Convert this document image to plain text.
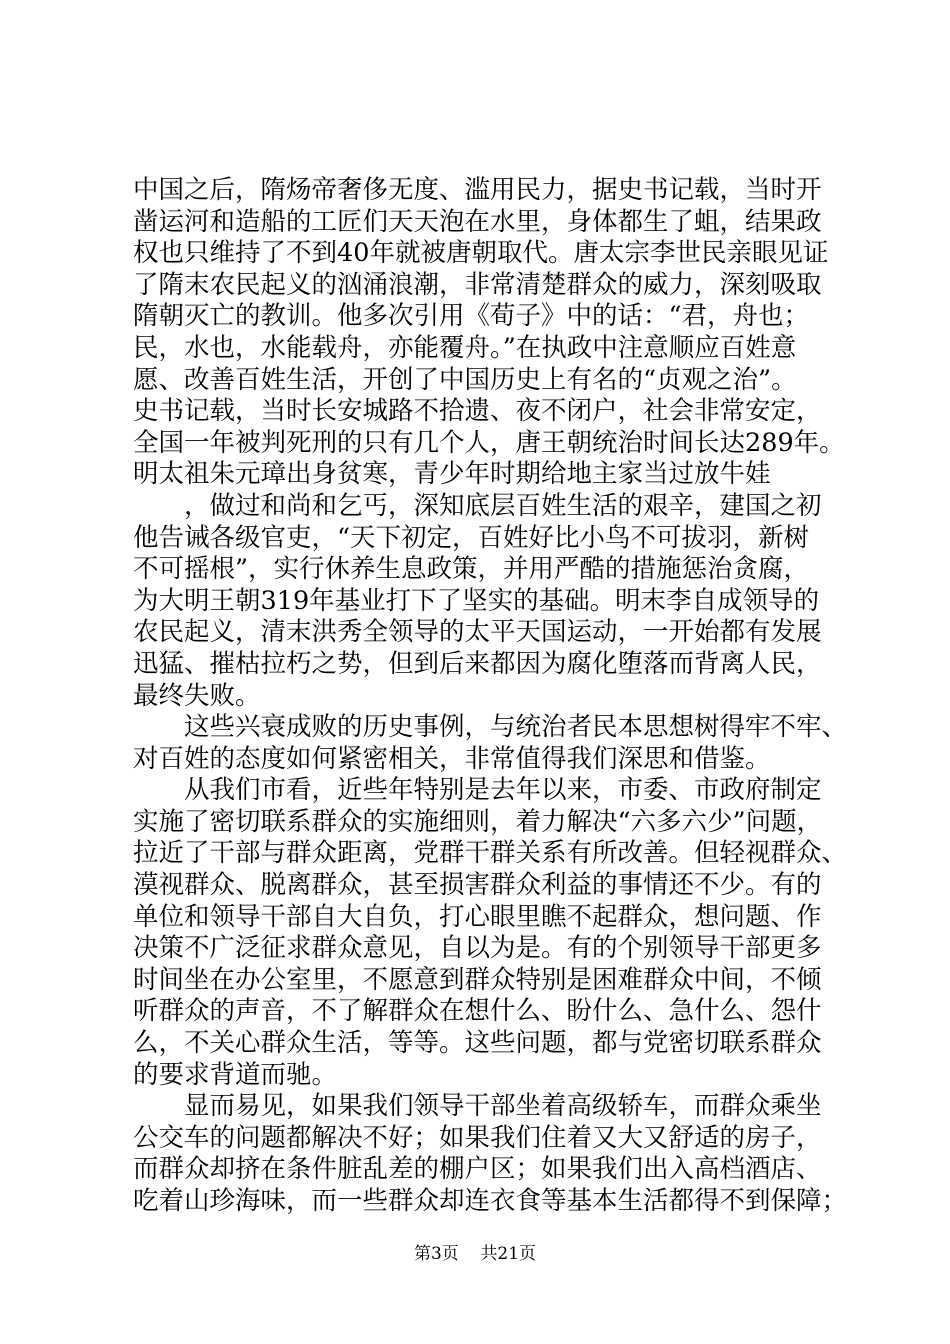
中国之后，隋炀帝奢侈无度、滥用民力，据史书记载，当时开
凿运河和造船的工匠们天天泡在水里，身体都生了蛆，结果政
权也只维持了不到40年就被唐朝取代。唐太宗李世民亲眼见证
了隋末农民起义的汹涌浪潮，非常清楚群众的威力，深刻吸取
隋朝灭亡的教训。他多次引用《荀子》中的话：“君，舟也；
民，水也，水能载舟，亦能覆舟。”在执政中注意顺应百姓意
愿、改善百姓生活，开创了中国历史上有名的“贞观之治”。
史书记载，当时长安城路不拾遗、夜不闭户，社会非常安定，
全国一年被判死刑的只有几个人，唐王朝统治时间长达289年。
明太祖朱元璋出身贫寒，青少年时期给地主家当过放牛娃

，做过和尚和乞丐，深知底层百姓生活的艰辛，建国之初
他告诫各级官吏，“天下初定，百姓好比小鸟不可拔羽，新树
不可摇根”，实行休养生息政策，并用严酷的措施惩治贪腐，
为大明王朝319年基业打下了坚实的基础。明末李自成领导的
农民起义，清末洪秀全领导的太平天国运动，一开始都有发展
迅猛、摧枯拉朽之势，但到后来都因为腐化堕落而背离人民，
最终失败。

这些兴衰成败的历史事例，与统治者民本思想树得牢不牢、
对百姓的态度如何紧密相关，非常值得我们深思和借鉴。

从我们市看，近些年特别是去年以来，市委、市政府制定
实施了密切联系群众的实施细则，着力解决“六多六少”问题，
拉近了干部与群众距离，党群干群关系有所改善。但轻视群众、
漠视群众、脱离群众，甚至损害群众利益的事情还不少。有的
单位和领导干部自大自负，打心眼里瞧不起群众，想问题、作
决策不广泛征求群众意见，自以为是。有的个别领导干部更多
时间坐在办公室里，不愿意到群众特别是困难群众中间，不倾
听群众的声音，不了解群众在想什么、盼什么、急什么、怨什
么，不关心群众生活，等等。这些问题，都与党密切联系群众
的要求背道而驰。

显而易见，如果我们领导干部坐着高级轿车，而群众乘坐
公交车的问题都解决不好；如果我们住着又大又舒适的房子，
而群众却挤在条件脏乱差的棚户区；如果我们出入高档酒店、
吃着山珍海味，而一些群众却连衣食等基本生活都得不到保障；

第3页 共21页
